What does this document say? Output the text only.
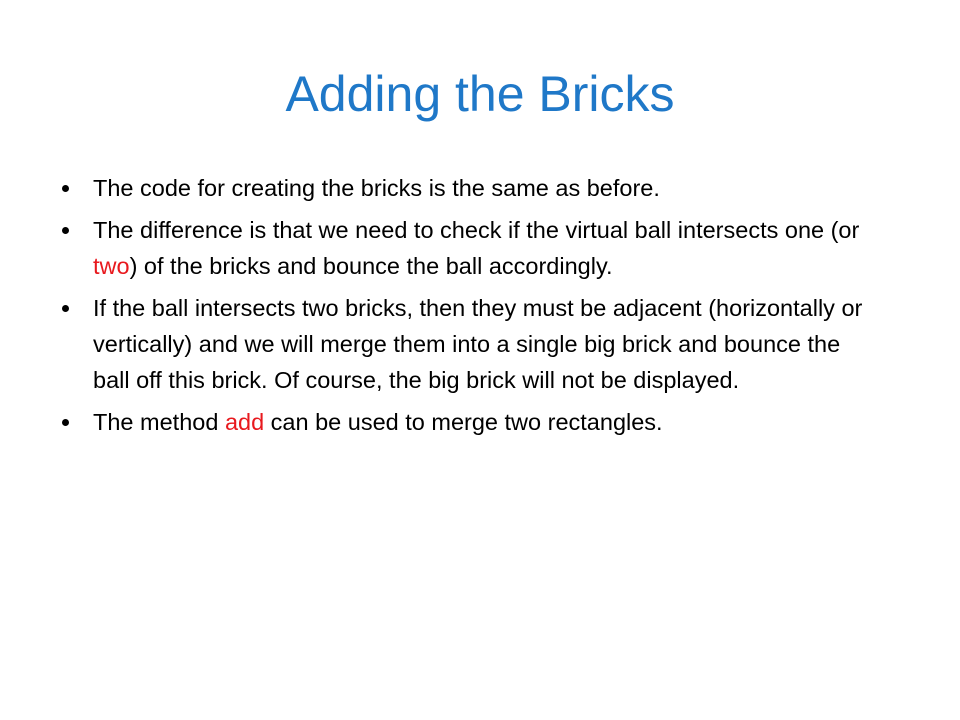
Adding the Bricks
The code for creating the bricks is the same as before.
The difference is that we need to check if the virtual ball intersects one (or two) of the bricks and bounce the ball accordingly.
If the ball intersects two bricks, then they must be adjacent (horizontally or vertically) and we will merge them into a single big brick and bounce the ball off this brick. Of course, the big brick will not be displayed.
The method add can be used to merge two rectangles.
